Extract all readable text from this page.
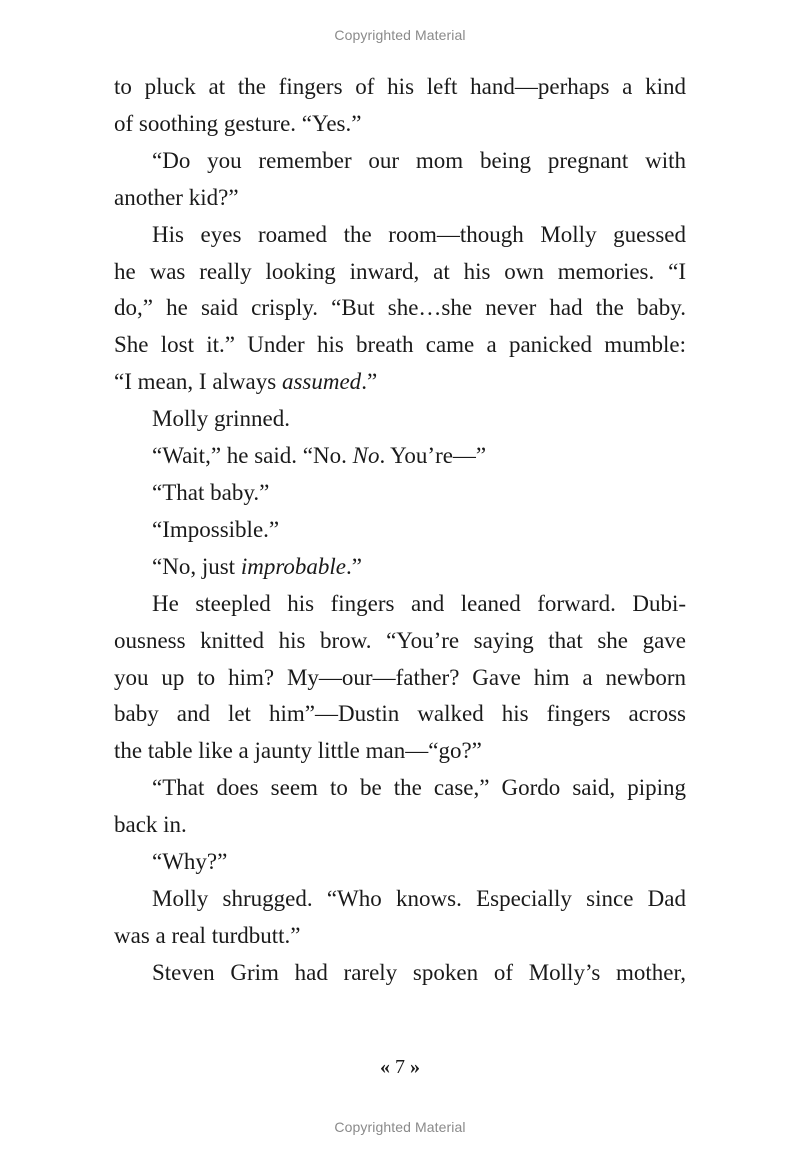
Copyrighted Material

to pluck at the fingers of his left hand—perhaps a kind
of soothing gesture. “Yes.”

“Do you remember our mom being pregnant with
another kid?”

His eyes roamed the room—though Molly guessed
he was really looking inward, at his own memories. “I
do,” he said crisply. “But she…she never had the baby.
She lost it.” Under his breath came a panicked mumble:
“I mean, I always assumed.”

Molly grinned.

“Wait,” he said. “No. No. You’re—”

“That baby.”

“Impossible.”

“No, just improbable.”

He steepled his fingers and leaned forward. Dubi-
ousness knitted his brow. “You’re saying that she gave
you up to him? My—our—father? Gave him a newborn
baby and let him”—Dustin walked his fingers across
the table like a jaunty little man—“go?”

“That does seem to be the case,” Gordo said, piping
back in.

“Why?”

Molly shrugged. “Who knows. Especially since Dad
was a real turdbutt.”

Steven Grim had rarely spoken of Molly’s mother,

« 7 »
Copyrighted Material
